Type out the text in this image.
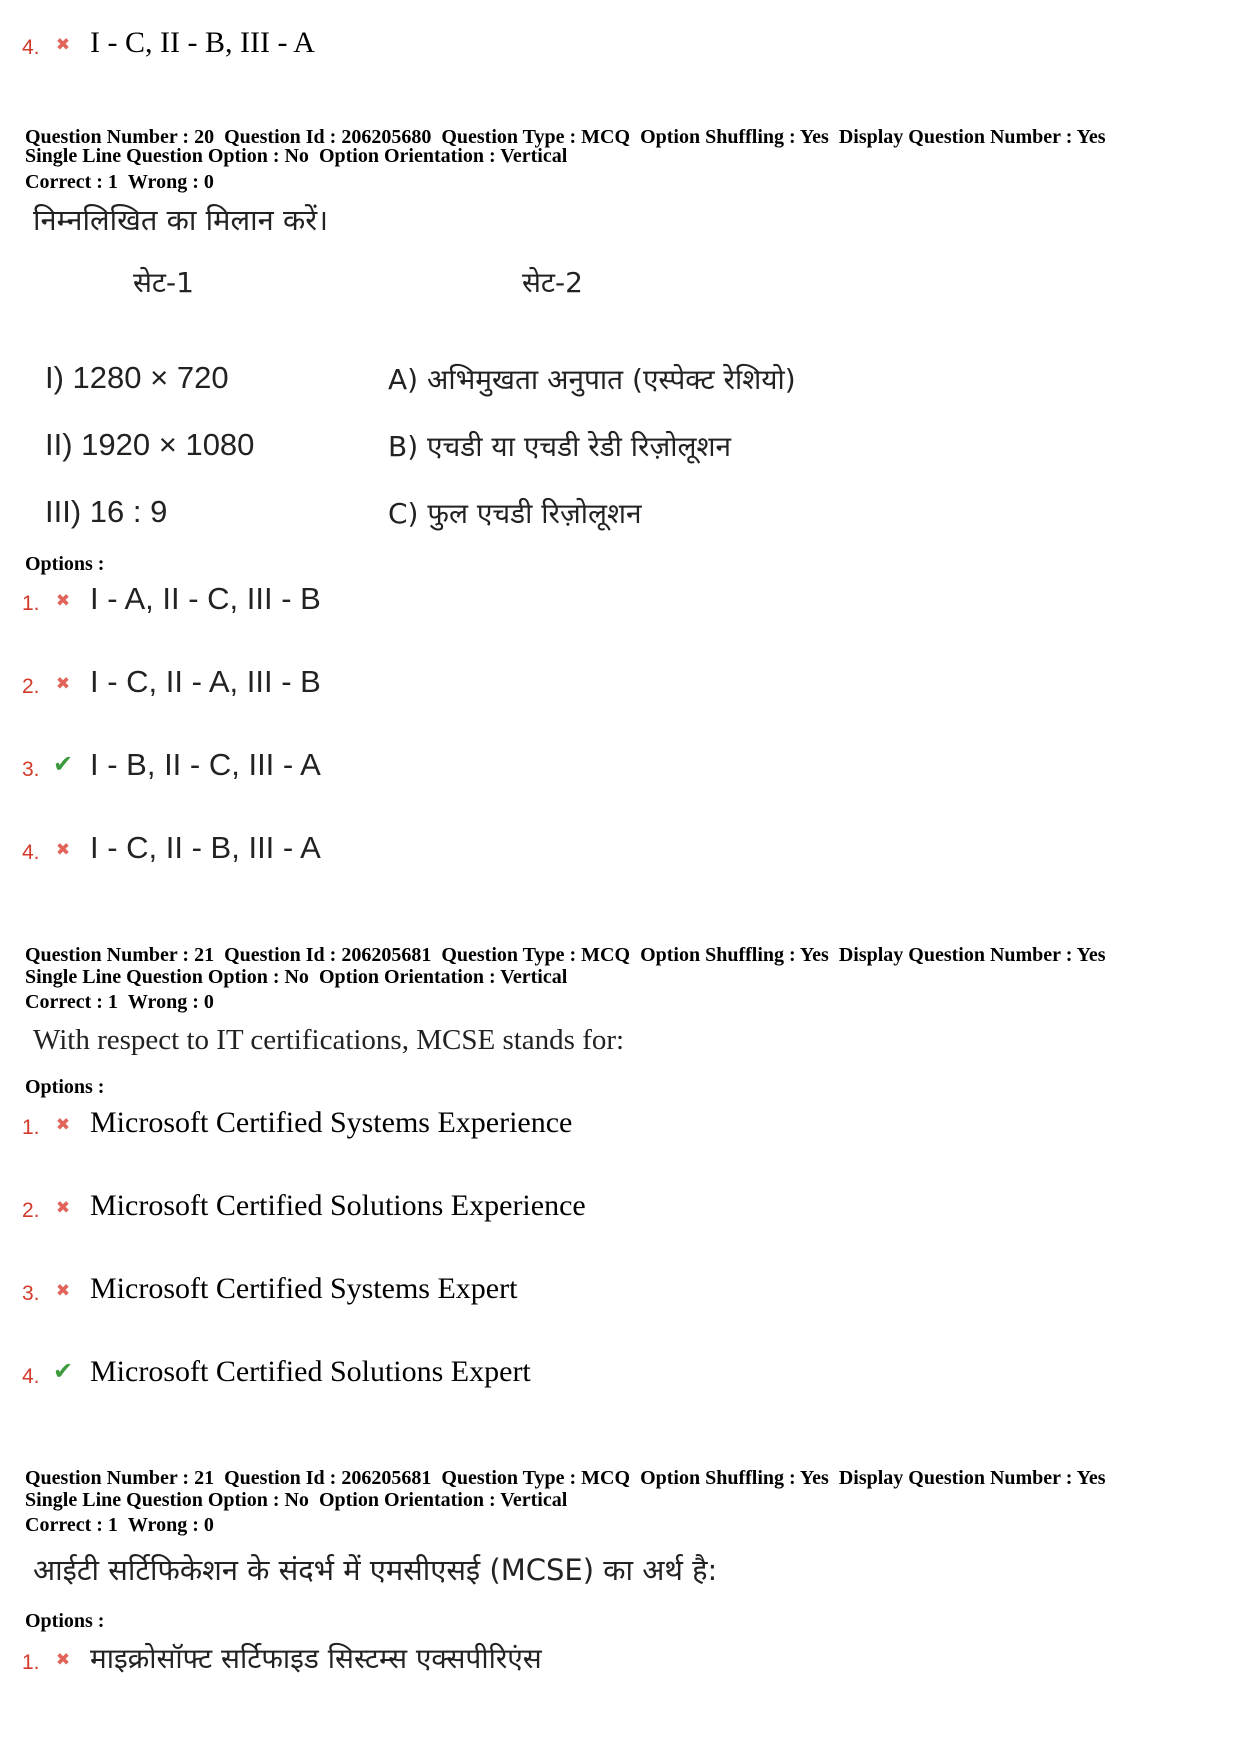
4. ✖ I - C, II - B, III - A
Question Number : 20 Question Id : 206205680 Question Type : MCQ Option Shuffling : Yes Display Question Number : Yes
Single Line Question Option : No Option Orientation : Vertical
Correct : 1 Wrong : 0
निम्नलिखित का मिलान करें।
सेट-1	सेट-2
I) 1280 × 720	A) अभिमुखता अनुपात (एस्पेक्ट रेशियो)
II) 1920 × 1080	B) एचडी या एचडी रेडी रिज़ोलूशन
III) 16 : 9	C) फुल एचडी रिज़ोलूशन
Options :
1. ✖ I - A, II - C, III - B
2. ✖ I - C, II - A, III - B
3. ✔ I - B, II - C, III - A
4. ✖ I - C, II - B, III - A
Question Number : 21 Question Id : 206205681 Question Type : MCQ Option Shuffling : Yes Display Question Number : Yes
Single Line Question Option : No Option Orientation : Vertical
Correct : 1 Wrong : 0
With respect to IT certifications, MCSE stands for:
Options :
1. ✖ Microsoft Certified Systems Experience
2. ✖ Microsoft Certified Solutions Experience
3. ✖ Microsoft Certified Systems Expert
4. ✔ Microsoft Certified Solutions Expert
Question Number : 21 Question Id : 206205681 Question Type : MCQ Option Shuffling : Yes Display Question Number : Yes
Single Line Question Option : No Option Orientation : Vertical
Correct : 1 Wrong : 0
आईटी सर्टिफिकेशन के संदर्भ में एमसीएसई (MCSE) का अर्थ है:
Options :
1. ✖ माइक्रोसॉफ्ट सर्टिफाइड सिस्टम्स एक्सपीरिएंस
